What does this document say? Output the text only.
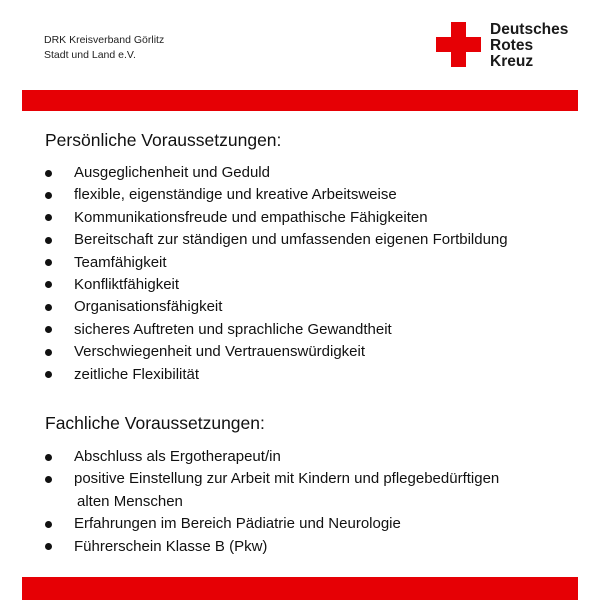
DRK Kreisverband Görlitz
Stadt und Land e.V.
Deutsches
Rotes
Kreuz
Persönliche Voraussetzungen:
Ausgeglichenheit und Geduld
flexible, eigenständige und kreative Arbeitsweise
Kommunikationsfreude und empathische Fähigkeiten
Bereitschaft zur ständigen und umfassenden eigenen Fortbildung
Teamfähigkeit
Konfliktfähigkeit
Organisationsfähigkeit
sicheres Auftreten und sprachliche Gewandtheit
Verschwiegenheit und Vertrauenswürdigkeit
zeitliche Flexibilität
Fachliche Voraussetzungen:
Abschluss als Ergotherapeut/in
positive Einstellung zur Arbeit mit Kindern und pflegebedürftigen
alten Menschen
Erfahrungen im Bereich Pädiatrie und Neurologie
Führerschein Klasse B (Pkw)
